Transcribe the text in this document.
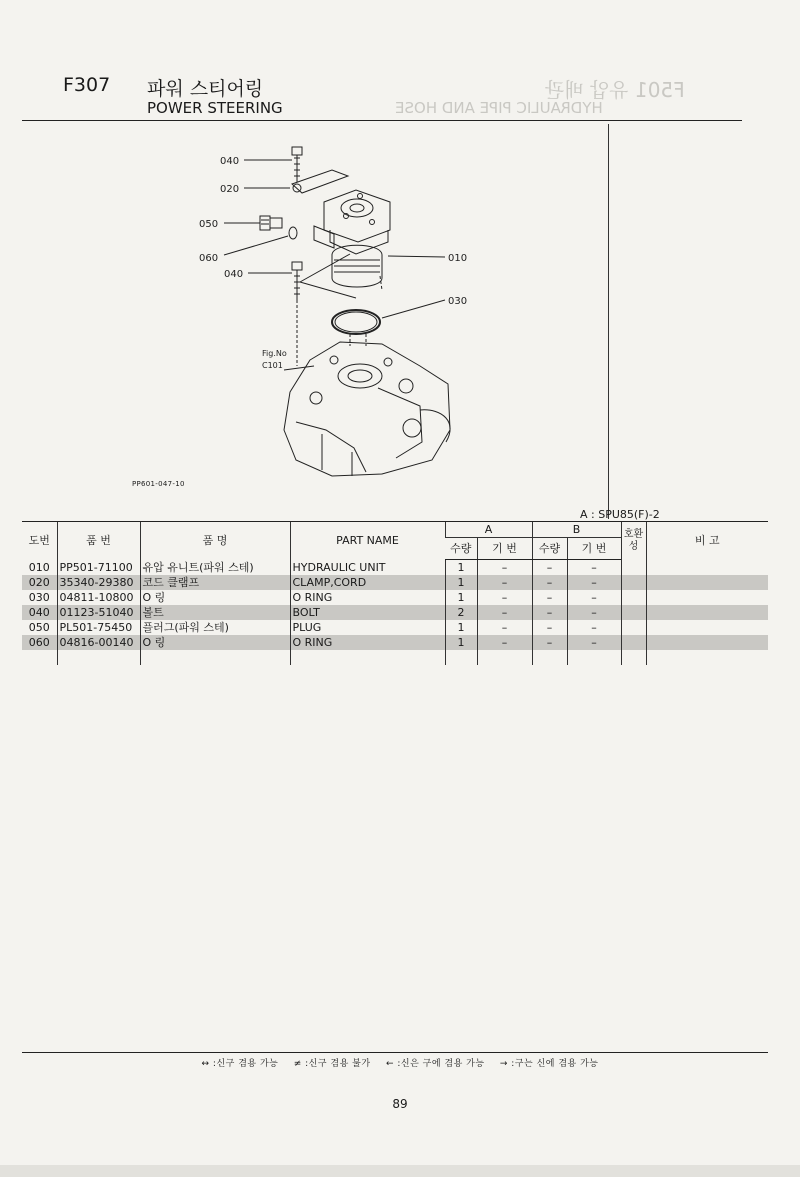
F501 유압 배관
HYDRAULIC PIPE AND HOSE
F307 파워 스티어링
POWER STEERING
040
020
050
060
040
010
030
Fig.No
C101
PP601-047-10
A : SPU85(F)-2
도번	품 번	품 명	PART NAME	A		B		호환성	비 고
				수량	기 번	수량	기 번		
010	PP501-71100	유압 유니트(파워 스테)	HYDRAULIC UNIT	1	–	–	–		
020	35340-29380	코드 클램프	CLAMP,CORD	1	–	–	–		
030	04811-10800	O 링	O RING	1	–	–	–		
040	01123-51040	볼트	BOLT	2	–	–	–		
050	PL501-75450	플러그(파워 스테)	PLUG	1	–	–	–		
060	04816-00140	O 링	O RING	1	–	–	–		

↔ :신구 겸용 가능 ≠ :신구 겸용 불가 ← :신은 구에 겸용 가능 → :구는 신에 겸용 가능
89
